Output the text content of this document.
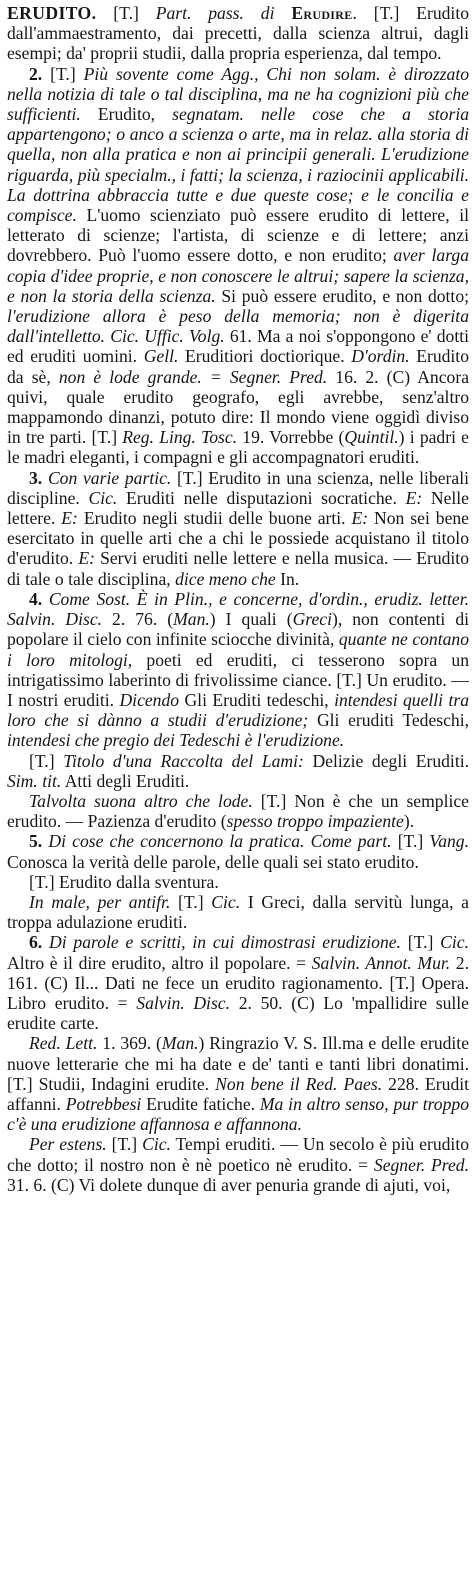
ERUDITO. [T.] Part. pass. di Erudire. [T.] Erudito dall'ammaestramento, dai precetti, dalla scienza altrui, dagli esempi; da' proprii studii, dalla propria esperienza, dal tempo.

2. [T.] Più sovente come Agg., Chi non solam. è dirozzato nella notizia di tale o tal disciplina, ma ne ha cognizioni più che sufficienti. Erudito, segnatam. nelle cose che a storia appartengono; o anco a scienza o arte, ma in relaz. alla storia di quella, non alla pratica e non ai principii generali. L'erudizione riguarda, più specialm., i fatti; la scienza, i raziocinii applicabili. La dottrina abbraccia tutte e due queste cose; e le concilia e compisce. L'uomo scienziato può essere erudito di lettere, il letterato di scienze; l'artista, di scienze e di lettere; anzi dovrebbero. Può l'uomo essere dotto, e non erudito; aver larga copia d'idee proprie, e non conoscere le altrui; sapere la scienza, e non la storia della scienza. Si può essere erudito, e non dotto; l'erudizione allora è peso della memoria; non è digerita dall'intelletto. Cic. Uffic. Volg. 61. Ma a noi s'oppongono e' dotti ed eruditi uomini. Gell. Eruditiori doctiorique. D'ordin. Erudito da sè, non è lode grande. = Segner. Pred. 16. 2. (C) Ancora quivi, quale erudito geografo, egli avrebbe, senz'altro mappamondo dinanzi, potuto dire: Il mondo viene oggidì diviso in tre parti. [T.] Reg. Ling. Tosc. 19. Vorrebbe (Quintil.) i padri e le madri eleganti, i compagni e gli accompagnatori eruditi.

3. Con varie partic. [T.] Erudito in una scienza, nelle liberali discipline. Cic. Eruditi nelle disputazioni socratiche. E: Nelle lettere. E: Erudito negli studii delle buone arti. E: Non sei bene esercitato in quelle arti che a chi le possiede acquistano il titolo d'erudito. E: Servi eruditi nelle lettere e nella musica. — Erudito di tale o tale disciplina, dice meno che In.

4. Come Sost. È in Plin., e concerne, d'ordin., erudiz. letter. Salvin. Disc. 2. 76. (Man.) I quali (Greci), non contenti di popolare il cielo con infinite sciocche divinità, quante ne contano i loro mitologi, poeti ed eruditi, ci tesserono sopra un intrigatissimo laberinto di frivolissime ciance. [T.] Un erudito. — I nostri eruditi. Dicendo Gli Eruditi tedeschi, intendesi quelli tra loro che si dànno a studii d'erudizione; Gli eruditi Tedeschi, intendesi che pregio dei Tedeschi è l'erudizione.

[T.] Titolo d'una Raccolta del Lami: Delizie degli Eruditi. Sim. tit. Atti degli Eruditi.

Talvolta suona altro che lode. [T.] Non è che un semplice erudito. — Pazienza d'erudito (spesso troppo impaziente).

5. Di cose che concernono la pratica. Come part. [T.] Vang. Conosca la verità delle parole, delle quali sei stato erudito.

[T.] Erudito dalla sventura.

In male, per antifr. [T.] Cic. I Greci, dalla servitù lunga, a troppa adulazione eruditi.

6. Di parole e scritti, in cui dimostrasi erudizione. [T.] Cic. Altro è il dire erudito, altro il popolare. = Salvin. Annot. Mur. 2. 161. (C) Il... Dati ne fece un erudito ragionamento. [T.] Opera. Libro erudito. = Salvin. Disc. 2. 50. (C) Lo 'mpallidire sulle erudite carte.

Red. Lett. 1. 369. (Man.) Ringrazio V. S. Ill.ma e delle erudite nuove letterarie che mi ha date e de' tanti e tanti libri donatimi. [T.] Studii, Indagini erudite. Non bene il Red. Paes. 228. Erudit affanni. Potrebbesi Erudite fatiche. Ma in altro senso, pur troppo c'è una erudizione affannosa e affannona.

Per estens. [T.] Cic. Tempi eruditi. — Un secolo è più erudito che dotto; il nostro non è nè poetico nè erudito. = Segner. Pred. 31. 6. (C) Vi dolete dunque di aver penuria grande di ajuti, voi,
